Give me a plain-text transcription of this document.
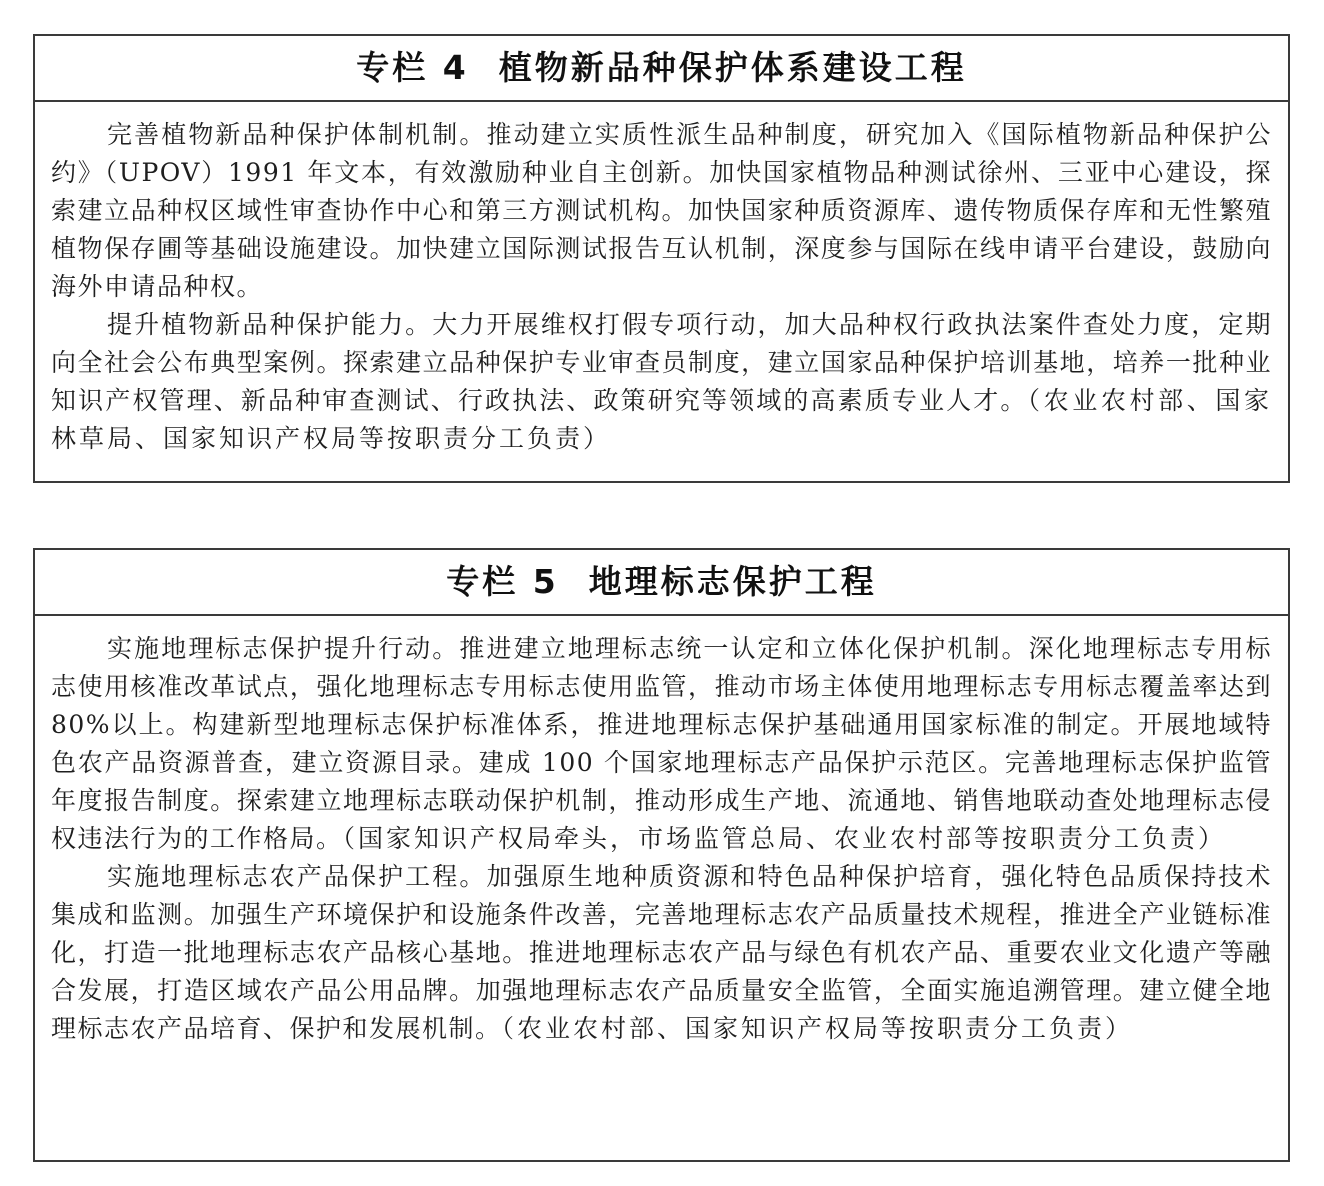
专栏 4 植物新品种保护体系建设工程

完善植物新品种保护体制机制。推动建立实质性派生品种制度，研究加入《国际植物新品种保护公约》（UPOV）1991 年文本，有效激励种业自主创新。加快国家植物品种测试徐州、三亚中心建设，探索建立品种权区域性审查协作中心和第三方测试机构。加快国家种质资源库、遗传物质保存库和无性繁殖植物保存圃等基础设施建设。加快建立国际测试报告互认机制，深度参与国际在线申请平台建设，鼓励向海外申请品种权。

提升植物新品种保护能力。大力开展维权打假专项行动，加大品种权行政执法案件查处力度，定期向全社会公布典型案例。探索建立品种保护专业审查员制度，建立国家品种保护培训基地，培养一批种业知识产权管理、新品种审查测试、行政执法、政策研究等领域的高素质专业人才。（农业农村部、国家林草局、国家知识产权局等按职责分工负责）

专栏 5 地理标志保护工程

实施地理标志保护提升行动。推进建立地理标志统一认定和立体化保护机制。深化地理标志专用标志使用核准改革试点，强化地理标志专用标志使用监管，推动市场主体使用地理标志专用标志覆盖率达到 80%以上。构建新型地理标志保护标准体系，推进地理标志保护基础通用国家标准的制定。开展地域特色农产品资源普查，建立资源目录。建成 100 个国家地理标志产品保护示范区。完善地理标志保护监管年度报告制度。探索建立地理标志联动保护机制，推动形成生产地、流通地、销售地联动查处地理标志侵权违法行为的工作格局。（国家知识产权局牵头，市场监管总局、农业农村部等按职责分工负责）

实施地理标志农产品保护工程。加强原生地种质资源和特色品种保护培育，强化特色品质保持技术集成和监测。加强生产环境保护和设施条件改善，完善地理标志农产品质量技术规程，推进全产业链标准化，打造一批地理标志农产品核心基地。推进地理标志农产品与绿色有机农产品、重要农业文化遗产等融合发展，打造区域农产品公用品牌。加强地理标志农产品质量安全监管，全面实施追溯管理。建立健全地理标志农产品培育、保护和发展机制。（农业农村部、国家知识产权局等按职责分工负责）
